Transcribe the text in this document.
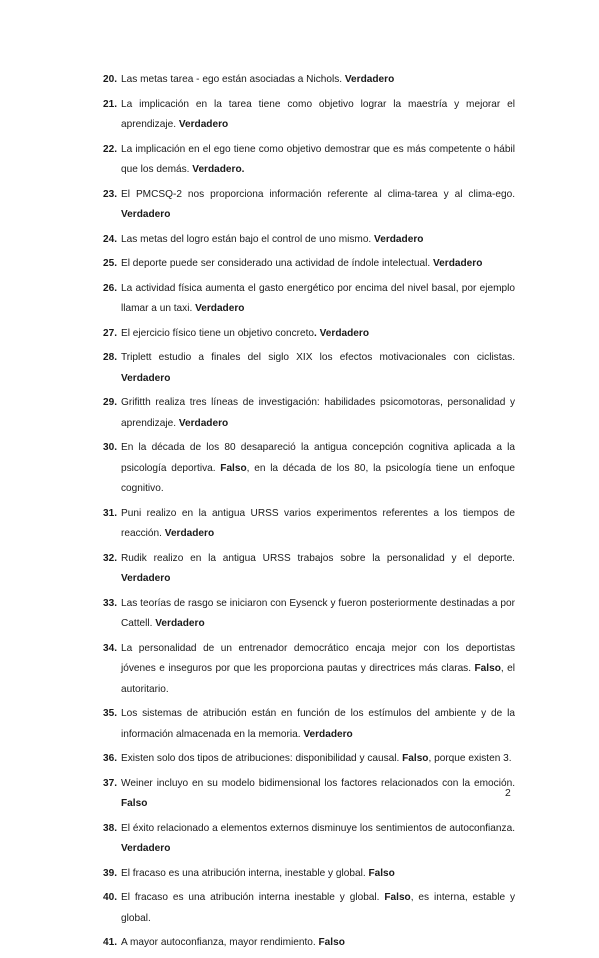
20. Las metas tarea - ego están asociadas a Nichols. Verdadero
21. La implicación en la tarea tiene como objetivo lograr la maestría y mejorar el aprendizaje. Verdadero
22. La implicación en el ego tiene como objetivo demostrar que es más competente o hábil que los demás. Verdadero.
23. El PMCSQ-2 nos proporciona información referente al clima-tarea y al clima-ego. Verdadero
24. Las metas del logro están bajo el control de uno mismo. Verdadero
25. El deporte puede ser considerado una actividad de índole intelectual. Verdadero
26. La actividad física aumenta el gasto energético por encima del nivel basal, por ejemplo llamar a un taxi. Verdadero
27. El ejercicio físico tiene un objetivo concreto. Verdadero
28. Triplett estudio a finales del siglo XIX los efectos motivacionales con ciclistas. Verdadero
29. Grifitth realiza tres líneas de investigación: habilidades psicomotoras, personalidad y aprendizaje. Verdadero
30. En la década de los 80 desapareció la antigua concepción cognitiva aplicada a la psicología deportiva. Falso, en la década de los 80, la psicología tiene un enfoque cognitivo.
31. Puni realizo en la antigua URSS varios experimentos referentes a los tiempos de reacción. Verdadero
32. Rudik realizo en la antigua URSS trabajos sobre la personalidad y el deporte. Verdadero
33. Las teorías de rasgo se iniciaron con Eysenck y fueron posteriormente destinadas a por Cattell. Verdadero
34. La personalidad de un entrenador democrático encaja mejor con los deportistas jóvenes e inseguros por que les proporciona pautas y directrices más claras. Falso, el autoritario.
35. Los sistemas de atribución están en función de los estímulos del ambiente y de la información almacenada en la memoria. Verdadero
36. Existen solo dos tipos de atribuciones: disponibilidad y causal. Falso, porque existen 3.
37. Weiner incluyo en su modelo bidimensional los factores relacionados con la emoción. Falso
38. El éxito relacionado a elementos externos disminuye los sentimientos de autoconfianza. Verdadero
39. El fracaso es una atribución interna, inestable y global. Falso
40. El fracaso es una atribución interna inestable y global. Falso, es interna, estable y global.
41. A mayor autoconfianza, mayor rendimiento. Falso
2
